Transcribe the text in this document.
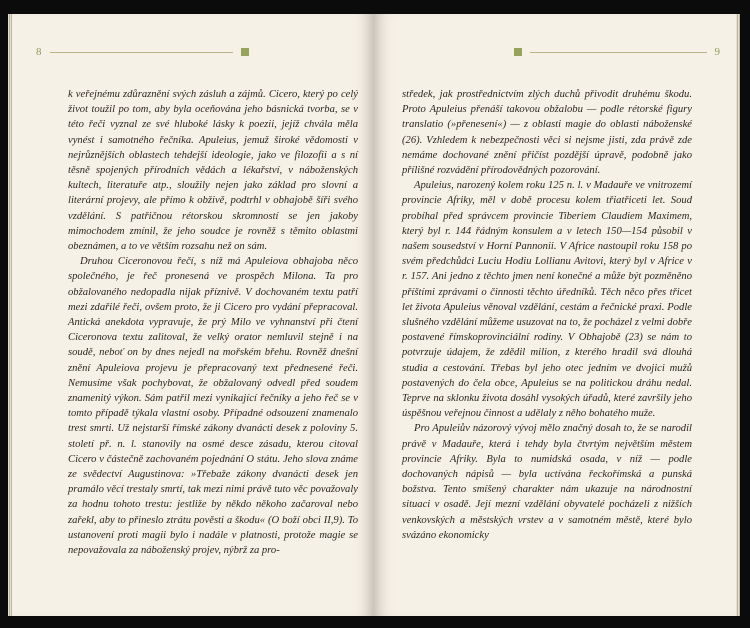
8

k veřejnému zdůraznění svých zásluh a zájmů. Cicero, který po celý život toužil po tom, aby byla oceňována jeho básnická tvorba, se v této řeči vyznal ze své hluboké lásky k poezii, jejíž chvála měla vynést i samotného řečníka. Apuleius, jemuž široké vědomosti v nejrůznějších oblastech tehdejší ideologie, jako ve filozofii a s ní těsně spojených přírodních vědách a lékařství, v náboženských kultech, literatuře atp., sloužily nejen jako základ pro slovní a literární projevy, ale přímo k obživě, podtrhl v obhajobě šíři svého vzdělání. S patřičnou rétorskou skromností se jen jakoby mimochodem zmínil, že jeho soudce je rovněž s těmito oblastmi obeznámen, a to ve větším rozsahu než on sám.

Druhou Ciceronovou řečí, s níž má Apuleiova obhajoba něco společného, je řeč pronesená ve prospěch Milona. Ta pro obžalovaného nedopadla nijak příznivě. V dochovaném textu patří mezi zdařilé řeči, ovšem proto, že ji Cicero pro vydání přepracoval. Antická anekdota vypravuje, že prý Milo ve vyhnanství při čtení Ciceronova textu zalitoval, že velký orator nemluvil stejně i na soudě, neboť on by dnes nejedl na mořském břehu. Rovněž dnešní znění Apuleiova projevu je přepracovaný text přednesené řeči. Nemusíme však pochybovat, že obžalovaný odvedl před soudem znamenitý výkon. Sám patřil mezi vynikající řečníky a jeho řeč se v tomto případě týkala vlastní osoby. Případné odsouzení znamenalo trest smrti. Už nejstarší římské zákony dvanácti desek z poloviny 5. století př. n. l. stanovily na osmé desce zásadu, kterou citoval Cicero v částečně zachovaném pojednání O státu. Jeho slova známe ze svědectví Augustinova: »Třebaže zákony dvanácti desek jen pramálo věcí trestaly smrtí, tak mezi nimi právě tuto věc považovaly za hodnu tohoto trestu: jestliže by někdo někoho začaroval nebo zařekl, aby to přineslo ztrátu pověsti a škodu« (O boží obci II,9). To ustanovení proti magii bylo i nadále v platnosti, protože magie se nepovažovala za náboženský projev, nýbrž za pro-

9

středek, jak prostřednictvím zlých duchů přivodit druhému škodu. Proto Apuleius přenáší takovou obžalobu — podle rétorské figury translatio (»přenesení«) — z oblasti magie do oblasti náboženské (26). Vzhledem k nebezpečnosti věci si nejsme jisti, zda právě zde nemáme dochované znění přičíst pozdější úpravě, podobně jako přílišné rozvádění přírodovědných pozorování.

Apuleius, narozený kolem roku 125 n. l. v Madauře ve vnitrozemí provincie Afriky, měl v době procesu kolem třiatřiceti let. Soud probíhal před správcem provincie Tiberiem Claudiem Maximem, který byl r. 144 řádným konsulem a v letech 150—154 působil v našem sousedství v Horní Pannonii. V Africe nastoupil roku 158 po svém předchůdci Luciu Hodiu Lollianu Avitovi, který byl v Africe v r. 157. Ani jedno z těchto jmen není konečné a může být pozměněno příštími zprávami o činnosti těchto úředníků. Těch něco přes třicet let života Apuleius věnoval vzdělání, cestám a řečnické praxi. Podle slušného vzdělání můžeme usuzovat na to, že pocházel z velmi dobře postavené římskoprovinciální rodiny. V Obhajobě (23) se nám to potvrzuje údajem, že zdědil milion, z kterého hradil svá dlouhá studia a cestování. Třebas byl jeho otec jedním ve dvojici mužů postavených do čela obce, Apuleius se na politickou dráhu nedal. Teprve na sklonku života dosáhl vysokých úřadů, které završily jeho úspěšnou veřejnou činnost a udělaly z něho bohatého muže.

Pro Apuleiův názorový vývoj mělo značný dosah to, že se narodil právě v Madauře, která i tehdy byla čtvrtým největším městem provincie Afriky. Byla to numidská osada, v níž — podle dochovaných nápisů — byla uctívána řeckořímská a punská božstva. Tento smíšený charakter nám ukazuje na národnostní situaci v osadě. Její mezní vzdělání obyvatelé pocházeli z nižších venkovských a městských vrstev a v samotném městě, které bylo svázáno ekonomicky
